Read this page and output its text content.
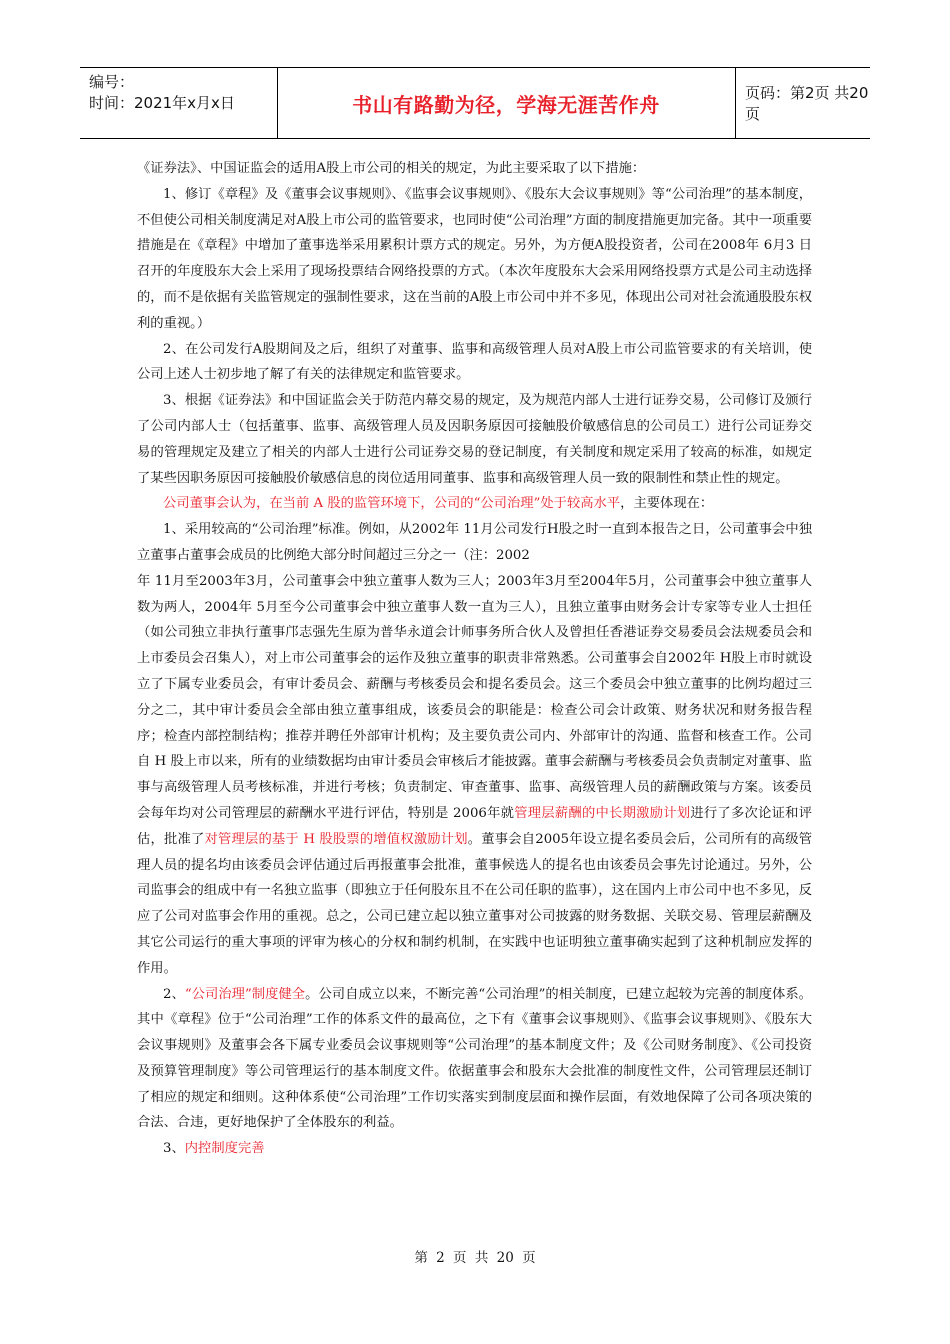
编号：
时间：2021年x月x日	书山有路勤为径，学海无涯苦作舟	页码：第2页 共20页

《证券法》、中国证监会的适用A股上市公司的相关的规定，为此主要采取了以下措施：

1、修订《章程》及《董事会议事规则》、《监事会议事规则》、《股东大会议事规则》等“公司治理”的基本制度，不但使公司相关制度满足对A股上市公司的监管要求，也同时使“公司治理”方面的制度措施更加完备。其中一项重要措施是在《章程》中增加了董事选举采用累积计票方式的规定。另外，为方便A股投资者，公司在2008年 6月3 日召开的年度股东大会上采用了现场投票结合网络投票的方式。（本次年度股东大会采用网络投票方式是公司主动选择的，而不是依据有关监管规定的强制性要求，这在当前的A股上市公司中并不多见，体现出公司对社会流通股股东权利的重视。）

2、在公司发行A股期间及之后，组织了对董事、监事和高级管理人员对A股上市公司监管要求的有关培训，使公司上述人士初步地了解了有关的法律规定和监管要求。

3、根据《证券法》和中国证监会关于防范内幕交易的规定，及为规范内部人士进行证券交易，公司修订及颁行了公司内部人士（包括董事、监事、高级管理人员及因职务原因可接触股价敏感信息的公司员工）进行公司证券交易的管理规定及建立了相关的内部人士进行公司证券交易的登记制度，有关制度和规定采用了较高的标准，如规定了某些因职务原因可接触股价敏感信息的岗位适用同董事、监事和高级管理人员一致的限制性和禁止性的规定。

公司董事会认为，在当前 A 股的监管环境下，公司的“公司治理”处于较高水平，主要体现在：

1、采用较高的“公司治理”标准。例如，从2002年 11月公司发行H股之时一直到本报告之日，公司董事会中独立董事占董事会成员的比例绝大部分时间超过三分之一（注：2002

年 11月至2003年3月，公司董事会中独立董事人数为三人；2003年3月至2004年5月，公司董事会中独立董事人数为两人，2004年 5月至今公司董事会中独立董事人数一直为三人），且独立董事由财务会计专家等专业人士担任（如公司独立非执行董事邝志强先生原为普华永道会计师事务所合伙人及曾担任香港证券交易委员会法规委员会和上市委员会召集人），对上市公司董事会的运作及独立董事的职责非常熟悉。公司董事会自2002年 H股上市时就设立了下属专业委员会，有审计委员会、薪酬与考核委员会和提名委员会。这三个委员会中独立董事的比例均超过三分之二，其中审计委员会全部由独立董事组成，该委员会的职能是：检查公司会计政策、财务状况和财务报告程序；检查内部控制结构；推荐并聘任外部审计机构；及主要负责公司内、外部审计的沟通、监督和核查工作。公司自 H 股上市以来，所有的业绩数据均由审计委员会审核后才能披露。董事会薪酬与考核委员会负责制定对董事、监事与高级管理人员考核标准，并进行考核；负责制定、审查董事、监事、高级管理人员的薪酬政策与方案。该委员会每年均对公司管理层的薪酬水平进行评估，特别是 2006年就管理层薪酬的中长期激励计划进行了多次论证和评估，批准了对管理层的基于 H 股股票的增值权激励计划。董事会自2005年设立提名委员会后，公司所有的高级管理人员的提名均由该委员会评估通过后再报董事会批准，董事候选人的提名也由该委员会事先讨论通过。另外，公司监事会的组成中有一名独立监事（即独立于任何股东且不在公司任职的监事），这在国内上市公司中也不多见，反应了公司对监事会作用的重视。总之，公司已建立起以独立董事对公司披露的财务数据、关联交易、管理层薪酬及其它公司运行的重大事项的评审为核心的分权和制约机制，在实践中也证明独立董事确实起到了这种机制应发挥的作用。

2、“公司治理”制度健全。公司自成立以来，不断完善“公司治理”的相关制度，已建立起较为完善的制度体系。其中《章程》位于“公司治理”工作的体系文件的最高位，之下有《董事会议事规则》、《监事会议事规则》、《股东大会议事规则》及董事会各下属专业委员会议事规则等“公司治理”的基本制度文件；及《公司财务制度》、《公司投资及预算管理制度》等公司管理运行的基本制度文件。依据董事会和股东大会批准的制度性文件，公司管理层还制订了相应的规定和细则。这种体系使“公司治理”工作切实落实到制度层面和操作层面，有效地保障了公司各项决策的合法、合违，更好地保护了全体股东的利益。

3、内控制度完善

第 2 页 共 20 页
